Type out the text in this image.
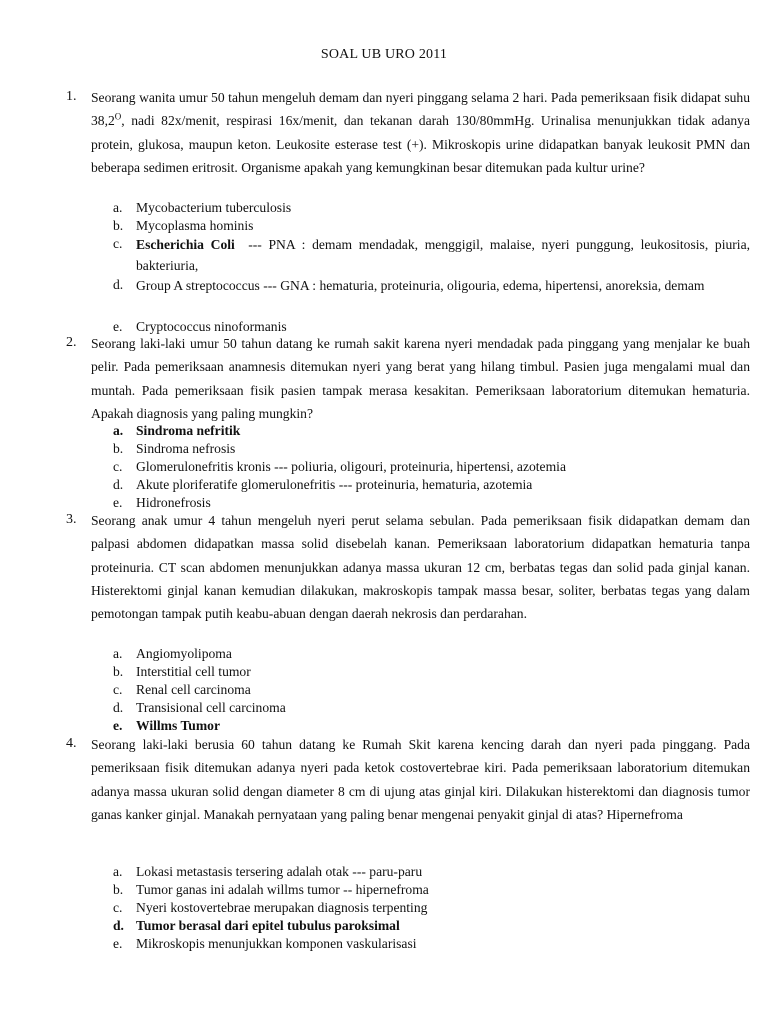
SOAL UB URO 2011
1. Seorang wanita umur 50 tahun mengeluh demam dan nyeri pinggang selama 2 hari. Pada pemeriksaan fisik didapat suhu $38,2^O$, nadi 82x/menit, respirasi 16x/menit, dan tekanan darah 130/80mmHg. Urinalisa menunjukkan tidak adanya protein, glukosa, maupun keton. Leukosite esterase test (+). Mikroskopis urine didapatkan banyak leukosit PMN dan beberapa sedimen eritrosit. Organisme apakah yang kemungkinan besar ditemukan pada kultur urine?
a. Mycobacterium tuberculosis
b. Mycoplasma hominis
c. Escherichia Coli  --- PNA : demam mendadak, menggigil, malaise, nyeri punggung, leukositosis, piuria, bakteriuria,
d. Group A streptococcus --- GNA : hematuria, proteinuria, oligouria, edema, hipertensi, anoreksia, demam
e. Cryptococcus ninoformanis
2. Seorang laki-laki umur 50 tahun datang ke rumah sakit karena nyeri mendadak pada pinggang yang menjalar ke buah pelir. Pada pemeriksaan anamnesis ditemukan nyeri yang berat yang hilang timbul. Pasien juga mengalami mual dan muntah. Pada pemeriksaan fisik pasien tampak merasa kesakitan. Pemeriksaan laboratorium ditemukan hematuria. Apakah diagnosis yang paling mungkin?
a. Sindroma nefritik
b. Sindroma nefrosis
c. Glomerulonefritis kronis --- poliuria, oligouri, proteinuria, hipertensi, azotemia
d. Akute ploriferatife glomerulonefritis --- proteinuria, hematuria, azotemia
e. Hidronefrosis
3. Seorang anak umur 4 tahun mengeluh nyeri perut selama sebulan. Pada pemeriksaan fisik didapatkan demam dan palpasi abdomen didapatkan massa solid disebelah kanan. Pemeriksaan laboratorium didapatkan hematuria tanpa proteinuria. CT scan abdomen menunjukkan adanya massa ukuran 12 cm, berbatas tegas dan solid pada ginjal kanan. Histerektomi ginjal kanan kemudian dilakukan, makroskopis tampak massa besar, soliter, berbatas tegas yang dalam pemotongan tampak putih keabu-abuan dengan daerah nekrosis dan perdarahan.
a. Angiomyolipoma
b. Interstitial cell tumor
c. Renal cell carcinoma
d. Transisional cell carcinoma
e. Willms Tumor
4. Seorang laki-laki berusia 60 tahun datang ke Rumah Skit karena kencing darah dan nyeri pada pinggang. Pada pemeriksaan fisik ditemukan adanya nyeri pada ketok costovertebrae kiri. Pada pemeriksaan laboratorium ditemukan adanya massa ukuran solid dengan diameter 8 cm di ujung atas ginjal kiri. Dilakukan histerektomi dan diagnosis tumor ganas kanker ginjal. Manakah pernyataan yang paling benar mengenai penyakit ginjal di atas? Hipernefroma
a. Lokasi metastasis tersering adalah otak --- paru-paru
b. Tumor ganas ini adalah willms tumor -- hipernefroma
c. Nyeri kostovertebrae merupakan diagnosis terpenting
d. Tumor berasal dari epitel tubulus paroksimal
e. Mikroskopis menunjukkan komponen vaskularisasi
